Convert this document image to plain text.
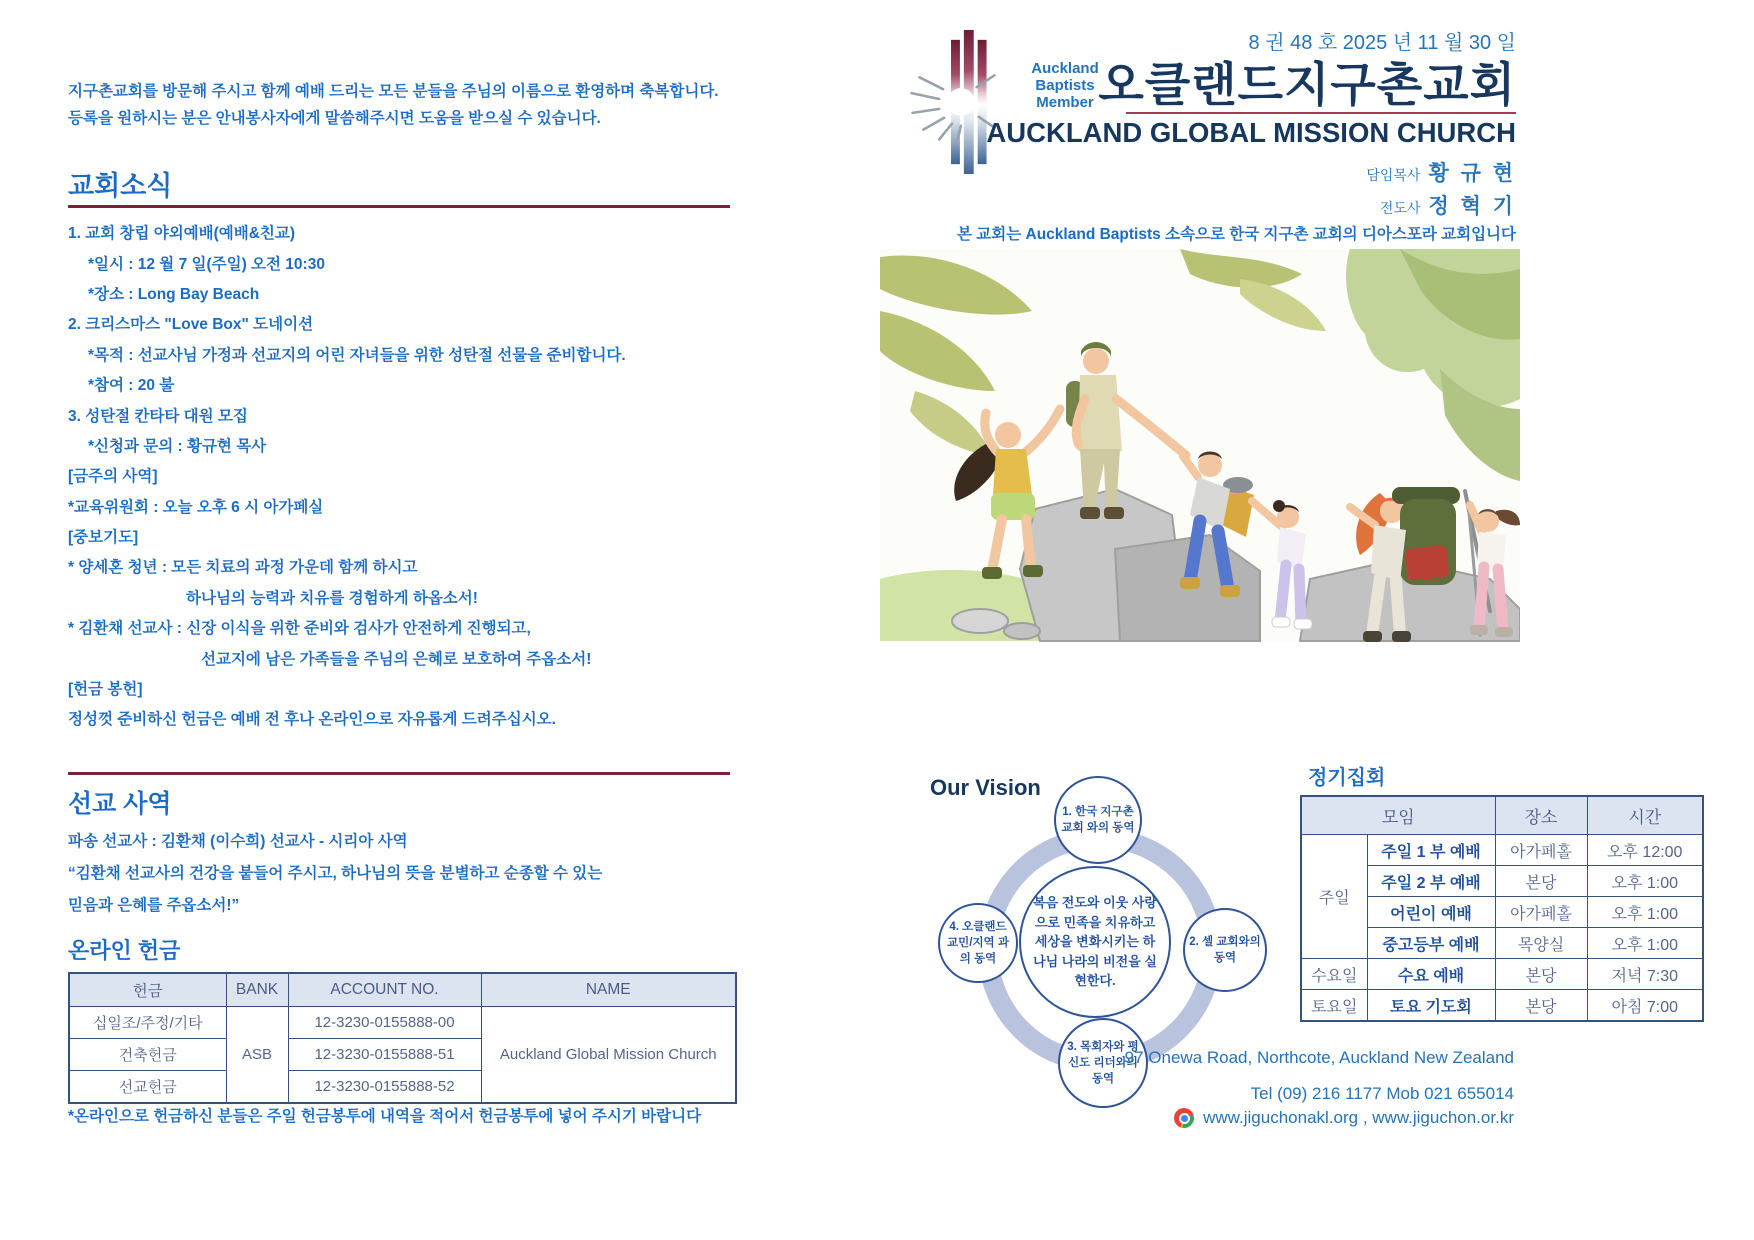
지구촌교회를 방문해 주시고 함께 예배 드리는 모든 분들을 주님의 이름으로 환영하며 축복합니다.
등록을 원하시는 분은 안내봉사자에게 말씀해주시면 도움을 받으실 수 있습니다.
교회소식
1. 교회 창립 야외예배(예배&친교)
*일시 : 12 월 7 일(주일) 오전 10:30
*장소 : Long Bay Beach
2. 크리스마스 "Love Box" 도네이션
*목적 : 선교사님 가정과 선교지의 어린 자녀들을 위한 성탄절 선물을 준비합니다.
*참여 : 20 불
3. 성탄절 칸타타 대원 모집
*신청과 문의 : 황규현 목사
[금주의 사역]
*교육위원회 : 오늘 오후 6 시 아가페실
[중보기도]
* 양세혼 청년 : 모든 치료의 과정 가운데 함께 하시고
하나님의 능력과 치유를 경험하게 하옵소서!
* 김환채 선교사 : 신장 이식을 위한 준비와 검사가 안전하게 진행되고,
선교지에 남은 가족들을 주님의 은혜로 보호하여 주옵소서!
[헌금 봉헌]
정성껏 준비하신 헌금은 예배 전 후나 온라인으로 자유롭게 드려주십시오.
선교 사역
파송 선교사 : 김환채 (이수희) 선교사 - 시리아 사역
“김환채 선교사의 건강을 붙들어 주시고, 하나님의 뜻을 분별하고 순종할 수 있는
믿음과 은혜를 주옵소서!”
온라인 헌금
헌금	BANK	ACCOUNT NO.	NAME
십일조/주정/기타	ASB	12-3230-0155888-00	Auckland Global Mission Church
건축헌금		12-3230-0155888-51	
선교헌금		12-3230-0155888-52	
*온라인으로 헌금하신 분들은 주일 헌금봉투에 내역을 적어서 헌금봉투에 넣어 주시기 바랍니다
Auckland
Baptists
Member
8 권 48 호 2025 년 11 월 30 일
오클랜드지구촌교회
AUCKLAND GLOBAL MISSION CHURCH
담임목사 황 규 현
전도사 정 혁 기
본 교회는 Auckland Baptists 소속으로 한국 지구촌 교회의 디아스포라 교회입니다
Our Vision
1. 한국 지구촌교회 와의 동역
2. 셀 교회와의 동역
3. 목회자와 평신도 리더와의 동역
4. 오클랜드 교민/지역 과의 동역
복음 전도와 이웃 사랑으로 민족을 치유하고 세상을 변화시키는 하나님 나라의 비전을 실현한다.
정기집회
모임		장소	시간
주일	주일 1 부 예배	아가페홀	오후 12:00
	주일 2 부 예배	본당	오후 1:00
	어린이 예배	아가페홀	오후 1:00
	중고등부 예배	목양실	오후 1:00
수요일	수요 예배	본당	저녁 7:30
토요일	토요 기도회	본당	아침 7:00
97 Onewa Road, Northcote, Auckland New Zealand
Tel (09) 216 1177 Mob 021 655014
www.jiguchonakl.org , www.jiguchon.or.kr
